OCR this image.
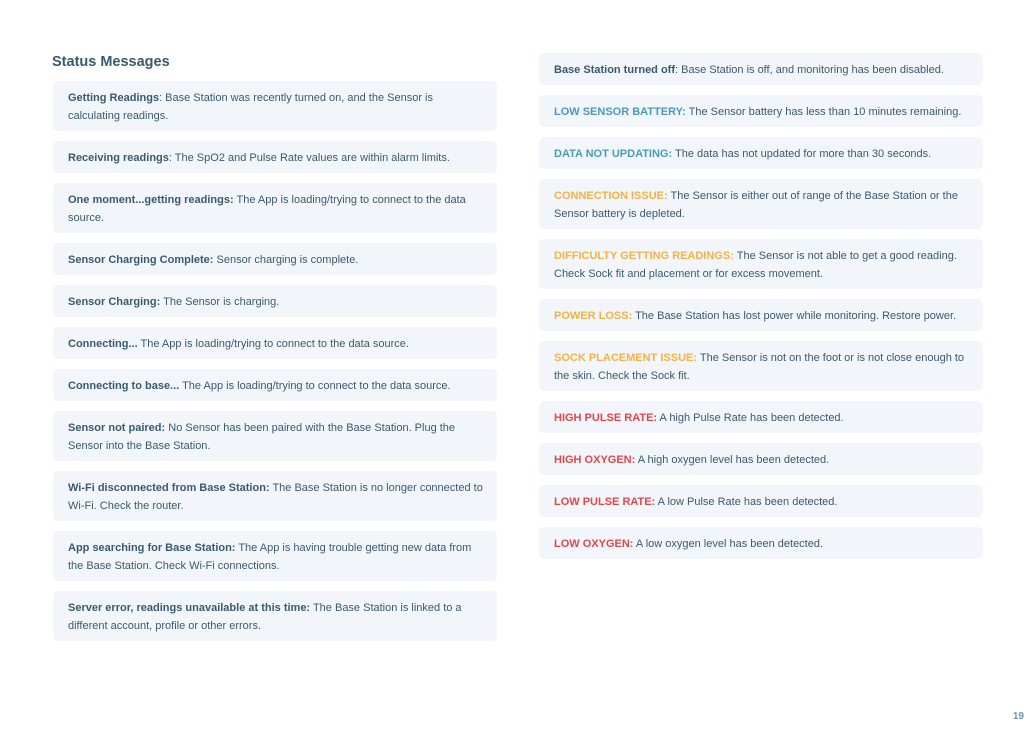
Status Messages
Getting Readings: Base Station was recently turned on, and the Sensor is calculating readings.
Receiving readings: The SpO2 and Pulse Rate values are within alarm limits.
One moment...getting readings: The App is loading/trying to connect to the data source.
Sensor Charging Complete: Sensor charging is complete.
Sensor Charging: The Sensor is charging.
Connecting... The App is loading/trying to connect to the data source.
Connecting to base... The App is loading/trying to connect to the data source.
Sensor not paired: No Sensor has been paired with the Base Station. Plug the Sensor into the Base Station.
Wi-Fi disconnected from Base Station: The Base Station is no longer connected to Wi-Fi. Check the router.
App searching for Base Station: The App is having trouble getting new data from the Base Station. Check Wi-Fi connections.
Server error, readings unavailable at this time: The Base Station is linked to a different account, profile or other errors.
Base Station turned off: Base Station is off, and monitoring has been disabled.
LOW SENSOR BATTERY: The Sensor battery has less than 10 minutes remaining.
DATA NOT UPDATING: The data has not updated for more than 30 seconds.
CONNECTION ISSUE: The Sensor is either out of range of the Base Station or the Sensor battery is depleted.
DIFFICULTY GETTING READINGS: The Sensor is not able to get a good reading. Check Sock fit and placement or for excess movement.
POWER LOSS: The Base Station has lost power while monitoring. Restore power.
SOCK PLACEMENT ISSUE: The Sensor is not on the foot or is not close enough to the skin. Check the Sock fit.
HIGH PULSE RATE: A high Pulse Rate has been detected.
HIGH OXYGEN: A high oxygen level has been detected.
LOW PULSE RATE: A low Pulse Rate has been detected.
LOW OXYGEN: A low oxygen level has been detected.
19
